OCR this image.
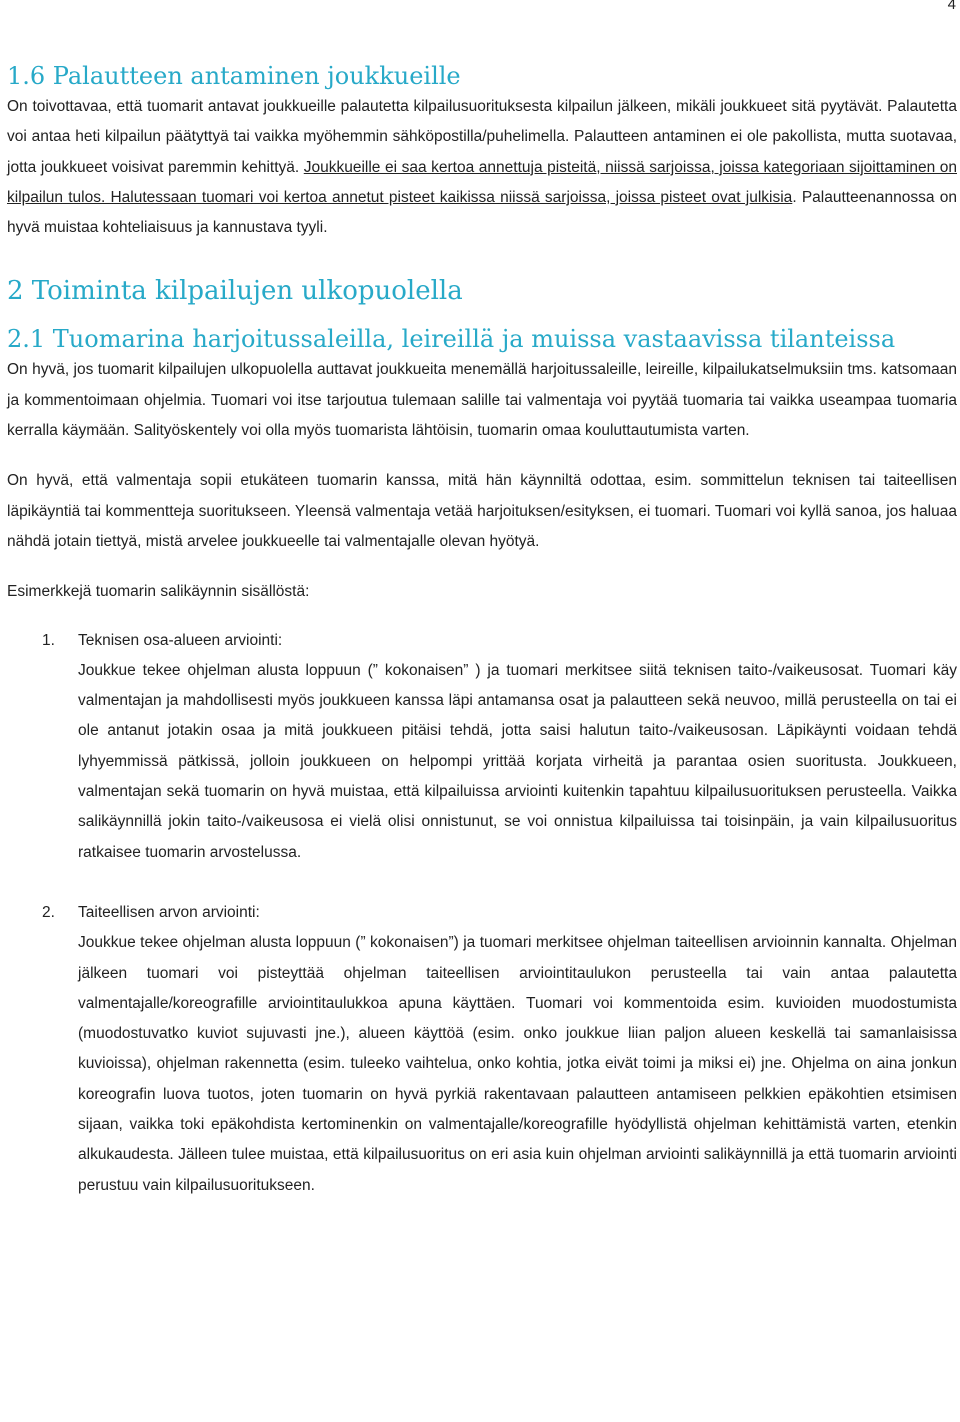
4
1.6 Palautteen antaminen joukkueille

On toivottavaa, että tuomarit antavat joukkueille palautetta kilpailusuorituksesta kilpailun jälkeen, mikäli joukkueet sitä pyytävät. Palautetta voi antaa heti kilpailun päätyttyä tai vaikka myöhemmin sähköpostilla/puhelimella. Palautteen antaminen ei ole pakollista, mutta suotavaa, jotta joukkueet voisivat paremmin kehittyä. Joukkueille ei saa kertoa annettuja pisteitä, niissä sarjoissa, joissa kategoriaan sijoittaminen on kilpailun tulos. Halutessaan tuomari voi kertoa annetut pisteet kaikissa niissä sarjoissa, joissa pisteet ovat julkisia. Palautteenannossa on hyvä muistaa kohteliaisuus ja kannustava tyyli.

2 Toiminta kilpailujen ulkopuolella
2.1 Tuomarina harjoitussaleilla, leireillä ja muissa vastaavissa tilanteissa

On hyvä, jos tuomarit kilpailujen ulkopuolella auttavat joukkueita menemällä harjoitussaleille, leireille, kilpailukatselmuksiin tms. katsomaan ja kommentoimaan ohjelmia. Tuomari voi itse tarjoutua tulemaan salille tai valmentaja voi pyytää tuomaria tai vaikka useampaa tuomaria kerralla käymään. Salityöskentely voi olla myös tuomarista lähtöisin, tuomarin omaa kouluttautumista varten.

On hyvä, että valmentaja sopii etukäteen tuomarin kanssa, mitä hän käynniltä odottaa, esim. sommittelun teknisen tai taiteellisen läpikäyntiä tai kommentteja suoritukseen. Yleensä valmentaja vetää harjoituksen/esityksen, ei tuomari. Tuomari voi kyllä sanoa, jos haluaa nähdä jotain tiettyä, mistä arvelee joukkueelle tai valmentajalle olevan hyötyä.

Esimerkkejä tuomarin salikäynnin sisällöstä:

1. Teknisen osa-alueen arviointi:

Joukkue tekee ohjelman alusta loppuun (” kokonaisen” ) ja tuomari merkitsee siitä teknisen taito-/vaikeusosat. Tuomari käy valmentajan ja mahdollisesti myös joukkueen kanssa läpi antamansa osat ja palautteen sekä neuvoo, millä perusteella on tai ei ole antanut jotakin osaa ja mitä joukkueen pitäisi tehdä, jotta saisi halutun taito-/vaikeusosan. Läpikäynti voidaan tehdä lyhyemmissä pätkissä, jolloin joukkueen on helpompi yrittää korjata virheitä ja parantaa osien suoritusta. Joukkueen, valmentajan sekä tuomarin on hyvä muistaa, että kilpailuissa arviointi kuitenkin tapahtuu kilpailusuorituksen perusteella. Vaikka salikäynnillä jokin taito-/vaikeusosa ei vielä olisi onnistunut, se voi onnistua kilpailuissa tai toisinpäin, ja vain kilpailusuoritus ratkaisee tuomarin arvostelussa.

2. Taiteellisen arvon arviointi:

Joukkue tekee ohjelman alusta loppuun (” kokonaisen”) ja tuomari merkitsee ohjelman taiteellisen arvioinnin kannalta. Ohjelman jälkeen tuomari voi pisteyttää ohjelman taiteellisen arviointitaulukon perusteella tai vain antaa palautetta valmentajalle/koreografille arviointitaulukkoa apuna käyttäen. Tuomari voi kommentoida esim. kuvioiden muodostumista (muodostuvatko kuviot sujuvasti jne.), alueen käyttöä (esim. onko joukkue liian paljon alueen keskellä tai samanlaisissa kuvioissa), ohjelman rakennetta (esim. tuleeko vaihtelua, onko kohtia, jotka eivät toimi ja miksi ei) jne. Ohjelma on aina jonkun koreografin luova tuotos, joten tuomarin on hyvä pyrkiä rakentavaan palautteen antamiseen pelkkien epäkohtien etsimisen sijaan, vaikka toki epäkohdista kertominenkin on valmentajalle/koreografille hyödyllistä ohjelman kehittämistä varten, etenkin alkukaudesta. Jälleen tulee muistaa, että kilpailusuoritus on eri asia kuin ohjelman arviointi salikäynnillä ja että tuomarin arviointi perustuu vain kilpailusuoritukseen.
